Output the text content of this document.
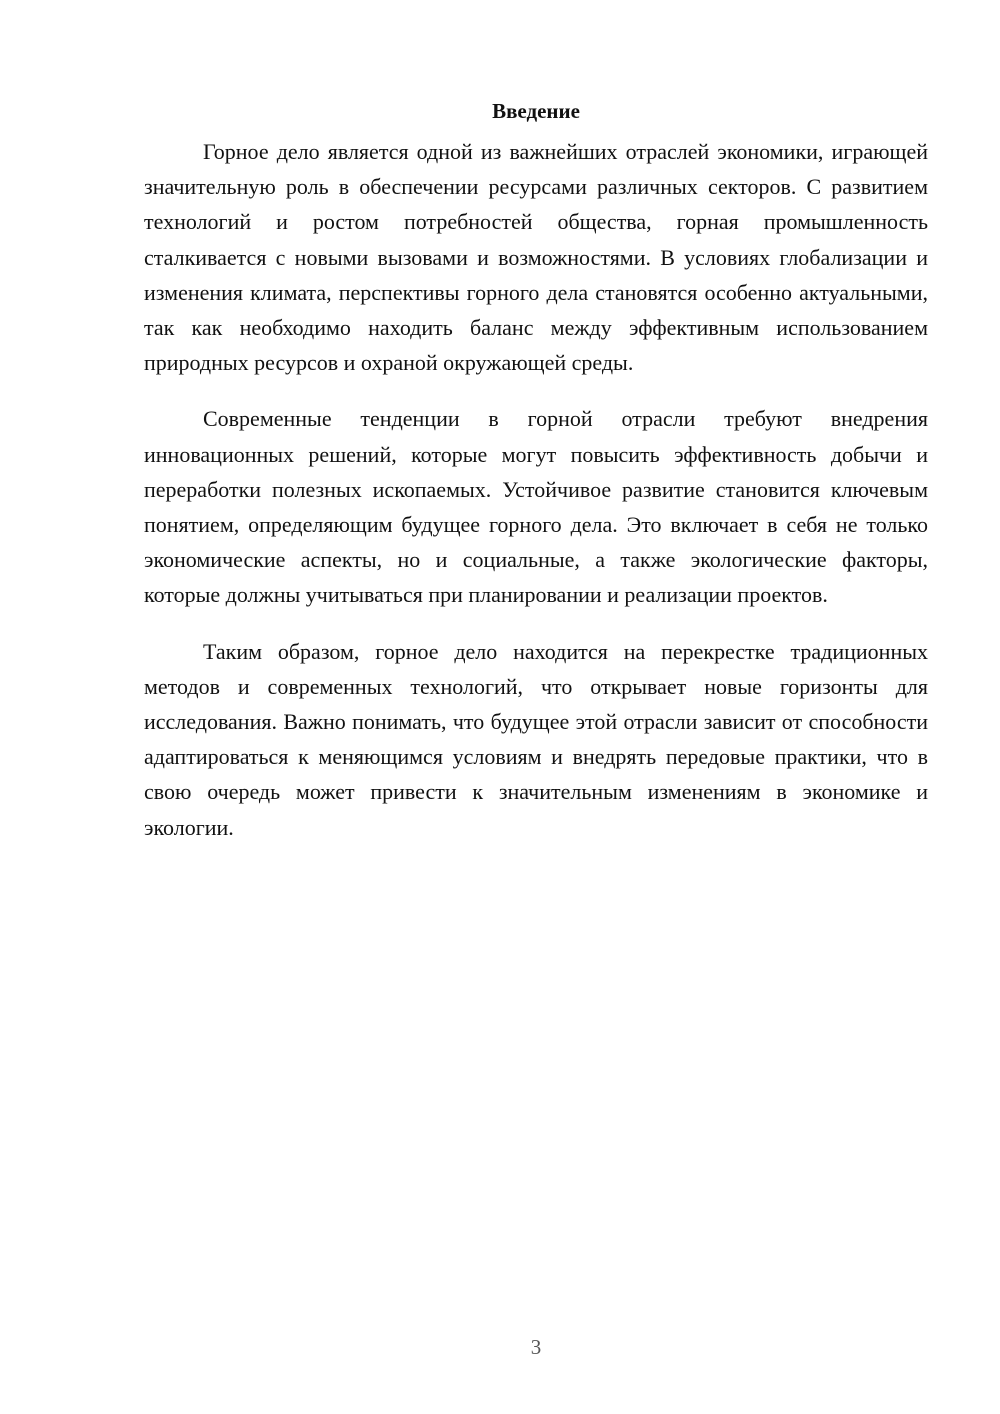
Введение

Горное дело является одной из важнейших отраслей экономики, играющей значительную роль в обеспечении ресурсами различных секторов. С развитием технологий и ростом потребностей общества, горная промышленность сталкивается с новыми вызовами и возможностями. В условиях глобализации и изменения климата, перспективы горного дела становятся особенно актуальными, так как необходимо находить баланс между эффективным использованием природных ресурсов и охраной окружающей среды.

Современные тенденции в горной отрасли требуют внедрения инновационных решений, которые могут повысить эффективность добычи и переработки полезных ископаемых. Устойчивое развитие становится ключевым понятием, определяющим будущее горного дела. Это включает в себя не только экономические аспекты, но и социальные, а также экологические факторы, которые должны учитываться при планировании и реализации проектов.

Таким образом, горное дело находится на перекрестке традиционных методов и современных технологий, что открывает новые горизонты для исследования. Важно понимать, что будущее этой отрасли зависит от способности адаптироваться к меняющимся условиям и внедрять передовые практики, что в свою очередь может привести к значительным изменениям в экономике и экологии.

3
